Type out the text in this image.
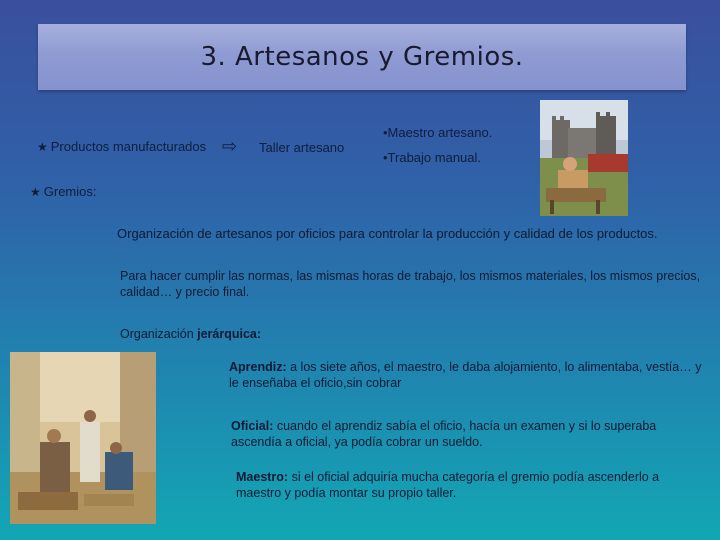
3. Artesanos y Gremios.
★ Productos manufacturados ⇨ Taller artesano
•Maestro artesano.
•Trabajo manual.
★ Gremios:
Organización de artesanos por oficios para controlar la producción y calidad de los productos.
Para hacer cumplir las normas, las mismas horas de trabajo, los mismos materiales, los mismos precios, calidad… y precio final.
Organización jerárquica:
Aprendiz: a los siete años, el maestro, le daba alojamiento, lo alimentaba, vestía… y le enseñaba el oficio,sin cobrar
Oficial: cuando el aprendiz sabía el oficio, hacía un examen y si lo superaba ascendía a oficial, ya podía cobrar un sueldo.
Maestro: si el oficial adquiría mucha categoría el gremio podía ascenderlo a maestro y podía montar su propio taller.
